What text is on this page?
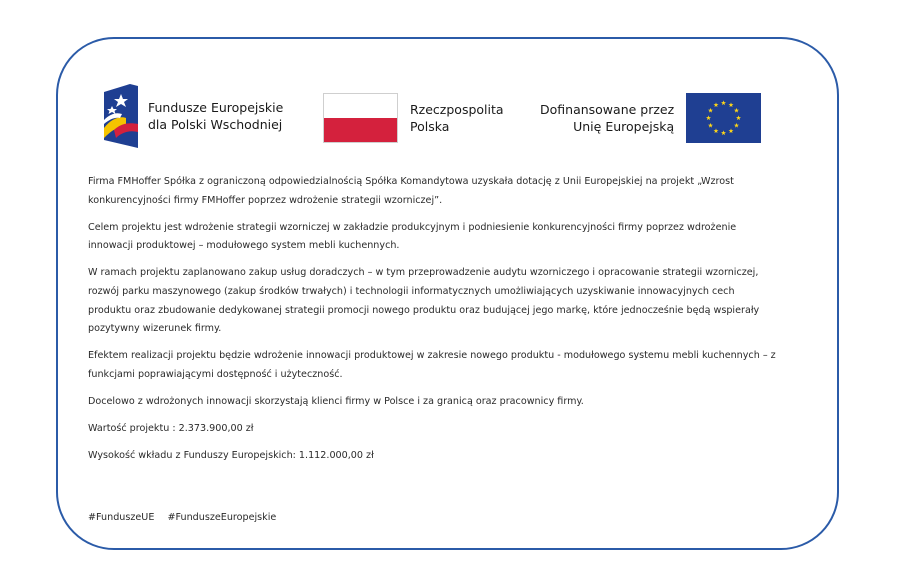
Fundusze Europejskie
dla Polski Wschodniej
Rzeczpospolita
Polska
Dofinansowane przez
Unię Europejską

Firma FMHoffer Spółka z ograniczoną odpowiedzialnością Spółka Komandytowa uzyskała dotację z Unii Europejskiej na projekt „Wzrost konkurencyjności firmy FMHoffer poprzez wdrożenie strategii wzorniczej”.

Celem projektu jest wdrożenie strategii wzorniczej w zakładzie produkcyjnym i podniesienie konkurencyjności firmy poprzez wdrożenie innowacji produktowej – modułowego system mebli kuchennych.

W ramach projektu zaplanowano zakup usług doradczych – w tym przeprowadzenie audytu wzorniczego i opracowanie strategii wzorniczej, rozwój parku maszynowego (zakup środków trwałych) i technologii informatycznych umożliwiających uzyskiwanie innowacyjnych cech produktu oraz zbudowanie dedykowanej strategii promocji nowego produktu oraz budującej jego markę, które jednocześnie będą wspierały pozytywny wizerunek firmy.

Efektem realizacji projektu będzie wdrożenie innowacji produktowej w zakresie nowego produktu - modułowego systemu mebli kuchennych – z funkcjami poprawiającymi dostępność i użyteczność.

Docelowo z wdrożonych innowacji skorzystają klienci firmy w Polsce i za granicą oraz pracownicy firmy.

Wartość projektu : 2.373.900,00 zł

Wysokość wkładu z Funduszy Europejskich: 1.112.000,00 zł

#FunduszeUE #FunduszeEuropejskie
